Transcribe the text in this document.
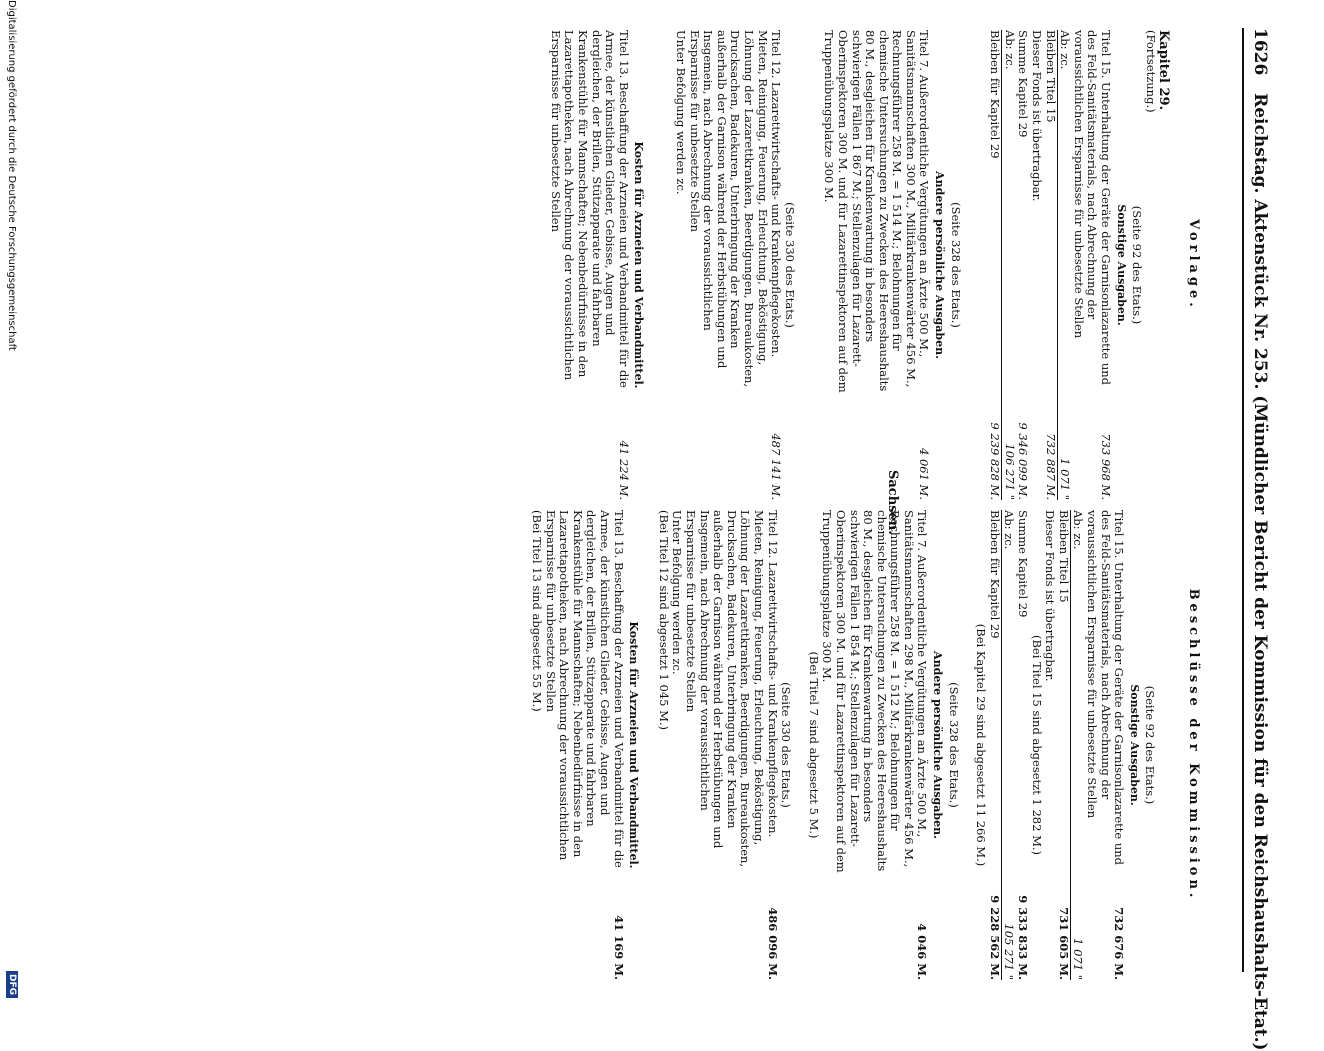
1626   Reichstag. Aktenstück Nr. 253. (Mündlicher Bericht der Kommission für den Reichshaushalts-Etat.)
Vorlage.
Kapitel 29.
(Fortsetzung.)
(Seite 92 des Etats.)
Sonstige Ausgaben.
Titel 15. Unterhaltung der Geräte der Garnisonlazarette und des Feld-Sanitätsmaterials, nach Abrechnung der voraussichtlichen Ersparnisse für unbesetzte Stellen
733 968 M.
Ab: zc.
1 071 "
Bleiben Titel 15
732 887 M.
Dieser Fonds ist übertragbar.
Summe Kapitel 29
9 346 099 M.
Ab: zc.
106 271 "
Bleiben für Kapitel 29
9 239 828 M.
(Seite 328 des Etats.)
Andere persönliche Ausgaben.
Titel 7. Außerordentliche Vergütungen an Ärzte 500 M., Sanitätsmannschaften 300 M., Militärkrankenwärter 456 M., Rechnungsführer 258 M. = 1 514 M.; Belohnungen für chemische Untersuchungen zu Zwecken des Heereshaushalts 80 M., desgleichen für Krankenwartung in besonders schwierigen Fällen 1 867 M.; Stellenzulagen für Lazarett-Oberinspektoren 300 M. und für Lazarettinspektoren auf dem Truppenübungsplatze 300 M.
4 061 M.
(Seite 330 des Etats.)
Titel 12. Lazarettwirtschafts- und Krankenpflegekosten. Mieten, Reinigung, Feuerung, Erleuchtung, Beköstigung, Löhnung der Lazarettkranken, Beerdigungen, Bureaukosten, Drucksachen, Badekuren, Unterbringung der Kranken außerhalb der Garnison während der Herbstübungen und Insgemein, nach Abrechnung der voraussichtlichen Ersparnisse für unbesetzte Stellen
487 141 M.
Unter Befolgung werden zc.
Kosten für Arzneien und Verbandmittel.
Titel 13. Beschaffung der Arzneien und Verbandmittel für die Armee, der künstlichen Glieder, Gebisse, Augen und dergleichen, der Brillen, Stützapparate und fahrbaren Krankenstühle für Mannschaften; Nebenbedürfnisse in den Lazarettapotheken, nach Abrechnung der voraussichtlichen Ersparnisse für unbesetzte Stellen
41 224 M.	Sachsen.
Beschlüsse der Kommission.
(Seite 92 des Etats.)
Sonstige Ausgaben.
Titel 15. Unterhaltung der Geräte der Garnisonlazarette und des Feld-Sanitätsmaterials, nach Abrechnung der voraussichtlichen Ersparnisse für unbesetzte Stellen
732 676 M.
Ab: zc.
1 071 "
Bleiben Titel 15
731 605 M.
Dieser Fonds ist übertragbar.
(Bei Titel 15 sind abgesetzt 1 282 M.)
Summe Kapitel 29
9 333 833 M.
Ab: zc.
105 271 "
Bleiben für Kapitel 29
9 228 562 M.
(Bei Kapitel 29 sind abgesetzt 11 266 M.)
(Seite 328 des Etats.)
Andere persönliche Ausgaben.
Titel 7. Außerordentliche Vergütungen an Ärzte 500 M., Sanitätsmannschaften 298 M., Militärkrankenwärter 456 M., Rechnungsführer 258 M. = 1 512 M.; Belohnungen für chemische Untersuchungen zu Zwecken des Heereshaushalts 80 M., desgleichen für Krankenwartung in besonders schwierigen Fällen 1 854 M.; Stellenzulagen für Lazarett-Oberinspektoren 300 M. und für Lazarettinspektoren auf dem Truppenübungsplatze 300 M.
4 046 M.
(Bei Titel 7 sind abgesetzt 5 M.)
(Seite 330 des Etats.)
Titel 12. Lazarettwirtschafts- und Krankenpflegekosten. Mieten, Reinigung, Feuerung, Erleuchtung, Beköstigung, Löhnung der Lazarettkranken, Beerdigungen, Bureaukosten, Drucksachen, Badekuren, Unterbringung der Kranken außerhalb der Garnison während der Herbstübungen und Insgemein, nach Abrechnung der voraussichtlichen Ersparnisse für unbesetzte Stellen
486 096 M.
Unter Befolgung werden zc.
(Bei Titel 12 sind abgesetzt 1 045 M.)
Kosten für Arzneien und Verbandmittel.
Titel 13. Beschaffung der Arzneien und Verbandmittel für die Armee, der künstlichen Glieder, Gebisse, Augen und dergleichen, der Brillen, Stützapparate und fahrbaren Krankenstühle für Mannschaften; Nebenbedürfnisse in den Lazarettapotheken, nach Abrechnung der voraussichtlichen Ersparnisse für unbesetzte Stellen
41 169 M.
(Bei Titel 13 sind abgesetzt 55 M.)
Digitalisierung gefördert durch die Deutsche Forschungsgemeinschaft
DFG
